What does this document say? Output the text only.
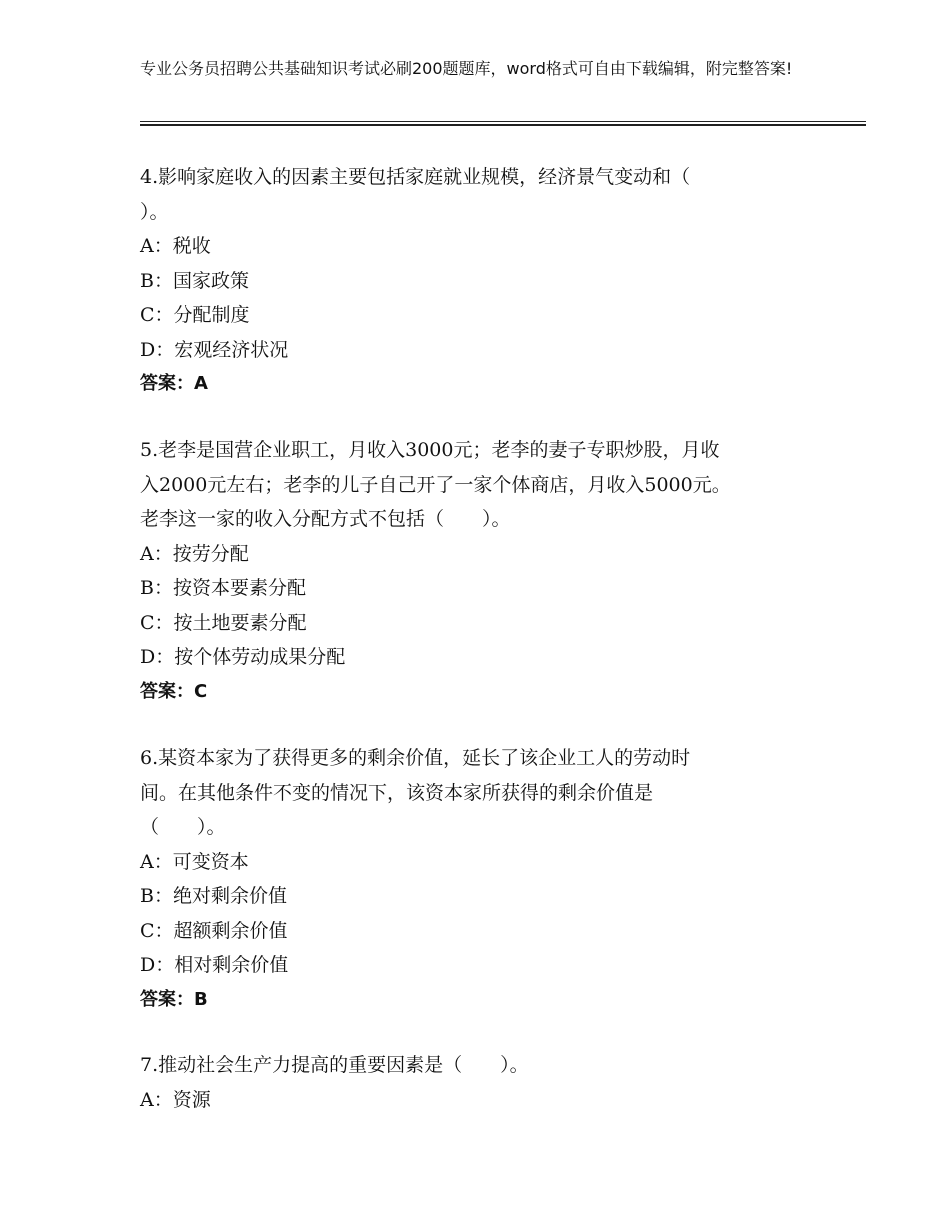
专业公务员招聘公共基础知识考试必刷200题题库，word格式可自由下载编辑，附完整答案!

4.影响家庭收入的因素主要包括家庭就业规模，经济景气变动和（

）。

A：税收

B：国家政策

C：分配制度

D：宏观经济状况

答案：A

5.老李是国营企业职工，月收入3000元；老李的妻子专职炒股，月收

入2000元左右；老李的儿子自己开了一家个体商店，月收入5000元。

老李这一家的收入分配方式不包括（　　）。

A：按劳分配

B：按资本要素分配

C：按土地要素分配

D：按个体劳动成果分配

答案：C

6.某资本家为了获得更多的剩余价值，延长了该企业工人的劳动时

间。在其他条件不变的情况下，该资本家所获得的剩余价值是

（　　）。

A：可变资本

B：绝对剩余价值

C：超额剩余价值

D：相对剩余价值

答案：B

7.推动社会生产力提高的重要因素是（　　）。

A：资源
